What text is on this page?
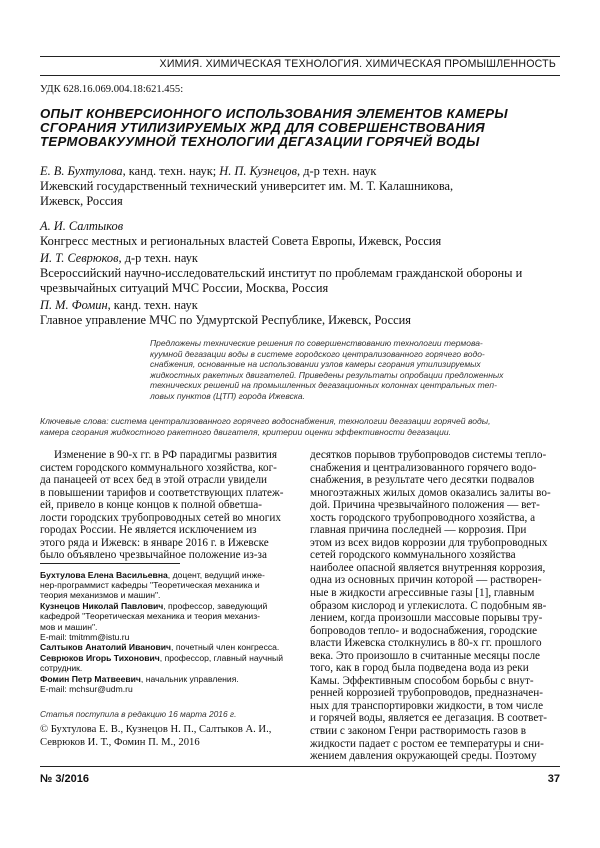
ХИМИЯ. ХИМИЧЕСКАЯ ТЕХНОЛОГИЯ. ХИМИЧЕСКАЯ ПРОМЫШЛЕННОСТЬ
УДК 628.16.069.004.18:621.455:
ОПЫТ КОНВЕРСИОННОГО ИСПОЛЬЗОВАНИЯ ЭЛЕМЕНТОВ КАМЕРЫ
СГОРАНИЯ УТИЛИЗИРУЕМЫХ ЖРД ДЛЯ СОВЕРШЕНСТВОВАНИЯ
ТЕРМОВАКУУМНОЙ ТЕХНОЛОГИИ ДЕГАЗАЦИИ ГОРЯЧЕЙ ВОДЫ
Е. В. Бухтулова, канд. техн. наук; Н. П. Кузнецов, д-р техн. наук
Ижевский государственный технический университет им. М. Т. Калашникова,
Ижевск, Россия
А. И. Салтыков
Конгресс местных и региональных властей Совета Европы, Ижевск, Россия
И. Т. Севрюков, д-р техн. наук
Всероссийский научно-исследовательский институт по проблемам гражданской обороны и
чрезвычайных ситуаций МЧС России, Москва, Россия
П. М. Фомин, канд. техн. наук
Главное управление МЧС по Удмуртской Республике, Ижевск, Россия
Предложены технические решения по совершенствованию технологии термова-
куумной дегазации воды в системе городского централизованного горячего водо-
снабжения, основанные на использовании узлов камеры сгорания утилизируемых
жидкостных ракетных двигателей. Приведены результаты опробации предложенных
технических решений на промышленных дегазационных колоннах центральных теп-
ловых пунктов (ЦТП) города Ижевска.
Ключевые слова: система централизованного горячего водоснабжения, технологии дегазации горячей воды,
камера сгорания жидкостного ракетного двигателя, критерии оценки эффективности дегазации.
Изменение в 90-х гг. в РФ парадигмы развития
систем городского коммунального хозяйства, ког-
да панацеей от всех бед в этой отрасли увидели
в повышении тарифов и соответствующих платеж-
ей, привело в конце концов к полной обветша-
лости городских трубопроводных сетей во многих
городах России. Не является исключением из
этого ряда и Ижевск: в январе 2016 г. в Ижевске
было объявлено чрезвычайное положение из-за
десятков порывов трубопроводов системы тепло-
снабжения и централизованного горячего водо-
снабжения, в результате чего десятки подвалов
многоэтажных жилых домов оказались залиты во-
дой. Причина чрезвычайного положения — вет-
хость городского трубопроводного хозяйства, а
главная причина последней — коррозия. При
этом из всех видов коррозии для трубопроводных
сетей городского коммунального хозяйства
наиболее опасной является внутренняя коррозия,
одна из основных причин которой — растворен-
ные в жидкости агрессивные газы [1], главным
образом кислород и углекислота. С подобным яв-
лением, когда произошли массовые порывы тру-
бопроводов тепло- и водоснабжения, городские
власти Ижевска столкнулись в 80-х гг. прошлого
века. Это произошло в считанные месяцы после
того, как в город была подведена вода из реки
Камы. Эффективным способом борьбы с внут-
ренней коррозией трубопроводов, предназначен-
ных для транспортировки жидкости, в том числе
и горячей воды, является ее дегазация. В соответ-
ствии с законом Генри растворимость газов в
жидкости падает с ростом ее температуры и сни-
жением давления окружающей среды. Поэтому

Бухтулова Елена Васильевна, доцент, ведущий инже-
нер-программист кафедры "Теоретическая механика и
теория механизмов и машин".

Кузнецов Николай Павлович, профессор, заведующий
кафедрой "Теоретическая механика и теория механиз-
мов и машин".
E-mail: tmitmm@istu.ru

Салтыков Анатолий Иванович, почетный член конгресса.

Севрюков Игорь Тихонович, профессор, главный научный
сотрудник.

Фомин Петр Матвеевич, начальник управления.
E-mail: mchsur@udm.ru

Статья поступила в редакцию 16 марта 2016 г.
© Бухтулова Е. В., Кузнецов Н. П., Салтыков А. И.,
Севрюков И. Т., Фомин П. М., 2016
№ 3/2016	37
